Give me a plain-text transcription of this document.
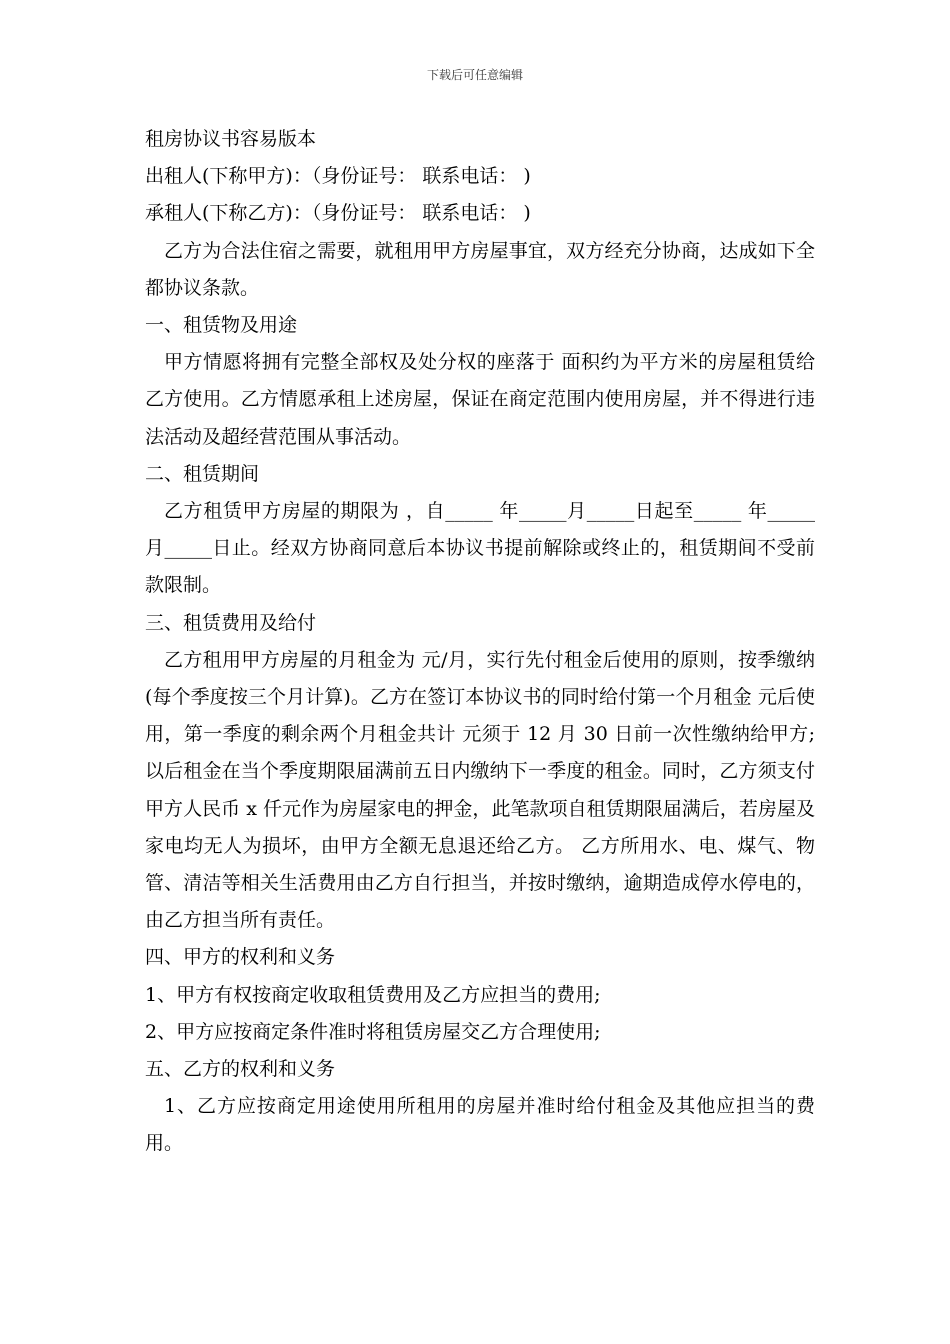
下载后可任意编辑

租房协议书容易版本

出租人(下称甲方)：（身份证号： 联系电话： )

承租人(下称乙方)：（身份证号： 联系电话： )

乙方为合法住宿之需要，就租用甲方房屋事宜，双方经充分协商，达成如下全都协议条款。

一、租赁物及用途

甲方情愿将拥有完整全部权及处分权的座落于 面积约为平方米的房屋租赁给乙方使用。乙方情愿承租上述房屋，保证在商定范围内使用房屋，并不得进行违法活动及超经营范围从事活动。

二、租赁期间

乙方租赁甲方房屋的期限为 ，自_____ 年_____月_____日起至_____ 年_____ 月_____日止。经双方协商同意后本协议书提前解除或终止的，租赁期间不受前款限制。

三、租赁费用及给付

乙方租用甲方房屋的月租金为 元/月，实行先付租金后使用的原则，按季缴纳(每个季度按三个月计算)。乙方在签订本协议书的同时给付第一个月租金 元后使用，第一季度的剩余两个月租金共计 元须于 12 月 30 日前一次性缴纳给甲方;以后租金在当个季度期限届满前五日内缴纳下一季度的租金。同时，乙方须支付甲方人民币 x 仟元作为房屋家电的押金，此笔款项自租赁期限届满后，若房屋及家电均无人为损坏，由甲方全额无息退还给乙方。 乙方所用水、电、煤气、物管、清洁等相关生活费用由乙方自行担当，并按时缴纳，逾期造成停水停电的，由乙方担当所有责任。

四、甲方的权利和义务

1、甲方有权按商定收取租赁费用及乙方应担当的费用;

2、甲方应按商定条件准时将租赁房屋交乙方合理使用;

五、乙方的权利和义务

1、乙方应按商定用途使用所租用的房屋并准时给付租金及其他应担当的费用。
